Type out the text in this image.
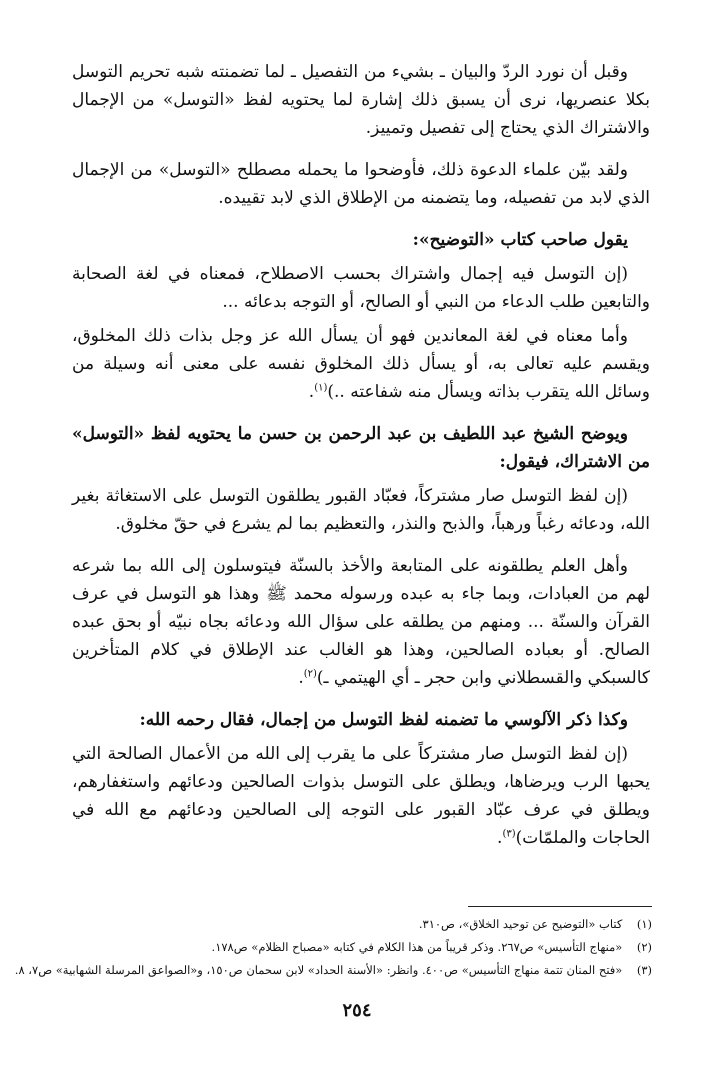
وقبل أن نورد الردّ والبيان ـ بشيء من التفصيل ـ لما تضمنته شبه تحريم التوسل بكلا عنصريها، نرى أن يسبق ذلك إشارة لما يحتويه لفظ «التوسل» من الإجمال والاشتراك الذي يحتاج إلى تفصيل وتمييز.

ولقد بيّن علماء الدعوة ذلك، فأوضحوا ما يحمله مصطلح «التوسل» من الإجمال الذي لابد من تفصيله، وما يتضمنه من الإطلاق الذي لابد تقييده.

يقول صاحب كتاب «التوضيح»:

(إن التوسل فيه إجمال واشتراك بحسب الاصطلاح، فمعناه في لغة الصحابة والتابعين طلب الدعاء من النبي أو الصالح، أو التوجه بدعائه ...

وأما معناه في لغة المعاندين فهو أن يسأل الله عز وجل بذات ذلك المخلوق، ويقسم عليه تعالى به، أو يسأل ذلك المخلوق نفسه على معنى أنه وسيلة من وسائل الله يتقرب بذاته ويسأل منه شفاعته ..)$^{(١)}$.

ويوضح الشيخ عبد اللطيف بن عبد الرحمن بن حسن ما يحتويه لفظ «التوسل» من الاشتراك، فيقول:

(إن لفظ التوسل صار مشتركاً، فعبّاد القبور يطلقون التوسل على الاستغاثة بغير الله، ودعائه رغباً ورهباً، والذبح والنذر، والتعظيم بما لم يشرع في حقّ مخلوق.

وأهل العلم يطلقونه على المتابعة والأخذ بالسنّة فيتوسلون إلى الله بما شرعه لهم من العبادات، وبما جاء به عبده ورسوله محمد ﷺ وهذا هو التوسل في عرف القرآن والسنّة ... ومنهم من يطلقه على سؤال الله ودعائه بجاه نبيّه أو بحق عبده الصالح. أو بعباده الصالحين، وهذا هو الغالب عند الإطلاق في كلام المتأخرين كالسبكي والقسطلاني وابن حجر ـ أي الهيتمي ـ)$^{(٢)}$.

وكذا ذكر الآلوسي ما تضمنه لفظ التوسل من إجمال، فقال رحمه الله:

(إن لفظ التوسل صار مشتركاً على ما يقرب إلى الله من الأعمال الصالحة التي يحبها الرب ويرضاها، ويطلق على التوسل بذوات الصالحين ودعائهم واستغفارهم، ويطلق في عرف عبّاد القبور على التوجه إلى الصالحين ودعائهم مع الله في الحاجات والملمّات)$^{(٣)}$.

(١) كتاب «التوضيح عن توحيد الخلاق»، ص٣١٠.
(٢) «منهاج التأسيس» ص٢٦٧. وذكر قريباً من هذا الكلام في كتابه «مصباح الظلام» ص١٧٨.
(٣) «فتح المنان تتمة منهاج التأسيس» ص٤٠٠. وانظر: «الأسنة الحداد» لابن سحمان ص١٥٠، و«الصواعق المرسلة الشهابية» ص٧، ٨.
٢٥٤
